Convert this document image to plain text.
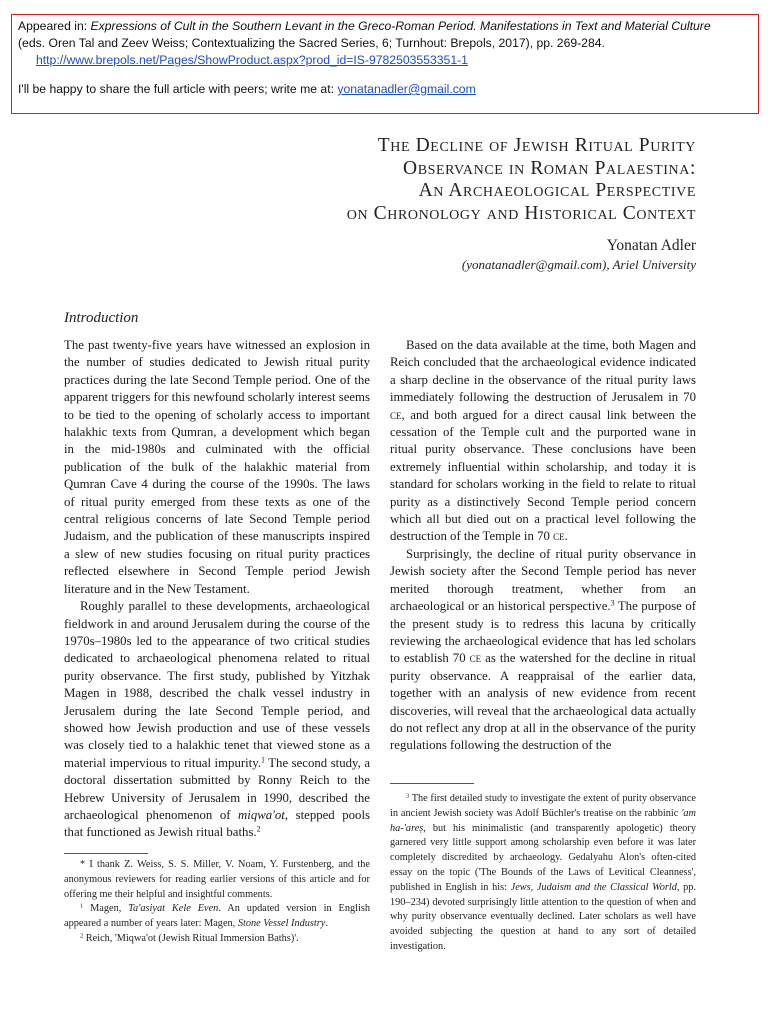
Appeared in: Expressions of Cult in the Southern Levant in the Greco-Roman Period. Manifestations in Text and Material Culture
(eds. Oren Tal and Zeev Weiss; Contextualizing the Sacred Series, 6; Turnhout: Brepols, 2017), pp. 269-284.
http://www.brepols.net/Pages/ShowProduct.aspx?prod_id=IS-9782503553351-1
I'll be happy to share the full article with peers; write me at: yonatanadler@gmail.com
The Decline of Jewish Ritual Purity
Observance in Roman Palaestina:
An Archaeological Perspective
on Chronology and Historical Context
Yonatan Adler
(yonatanadler@gmail.com), Ariel University
Introduction

The past twenty-five years have witnessed an explosion in the number of studies dedicated to Jewish ritual purity practices during the late Second Temple period. One of the apparent triggers for this newfound scholarly interest seems to be tied to the opening of scholarly access to important halakhic texts from Qumran, a development which began in the mid-1980s and culminated with the official publication of the bulk of the halakhic material from Qumran Cave 4 during the course of the 1990s. The laws of ritual purity emerged from these texts as one of the central religious concerns of late Second Temple period Judaism, and the publication of these manuscripts inspired a slew of new studies focusing on ritual purity practices reflected elsewhere in Second Temple period Jewish literature and in the New Testament.

Roughly parallel to these developments, archaeological fieldwork in and around Jerusalem during the course of the 1970s–1980s led to the appearance of two critical studies dedicated to archaeological phenomena related to ritual purity observance. The first study, published by Yitzhak Magen in 1988, described the chalk vessel industry in Jerusalem during the late Second Temple period, and showed how Jewish production and use of these vessels was closely tied to a halakhic tenet that viewed stone as a material impervious to ritual impurity.$^1$ The second study, a doctoral dissertation submitted by Ronny Reich to the Hebrew University of Jerusalem in 1990, described the archaeological phenomenon of miqwa'ot, stepped pools that functioned as Jewish ritual baths.$^2$

Based on the data available at the time, both Magen and Reich concluded that the archaeological evidence indicated a sharp decline in the observance of the ritual purity laws immediately following the destruction of Jerusalem in 70 ce, and both argued for a direct causal link between the cessation of the Temple cult and the purported wane in ritual purity observance. These conclusions have been extremely influential within scholarship, and today it is standard for scholars working in the field to relate to ritual purity as a distinctively Second Temple period concern which all but died out on a practical level following the destruction of the Temple in 70 ce.

Surprisingly, the decline of ritual purity observance in Jewish society after the Second Temple period has never merited thorough treatment, whether from an archaeological or an historical perspective.$^3$ The purpose of the present study is to redress this lacuna by critically reviewing the archaeological evidence that has led scholars to establish 70 ce as the watershed for the decline in ritual purity observance. A reappraisal of the earlier data, together with an analysis of new evidence from recent discoveries, will reveal that the archaeological data actually do not reflect any drop at all in the observance of the purity regulations following the destruction of the

* I thank Z. Weiss, S. S. Miller, V. Noam, Y. Furstenberg, and the anonymous reviewers for reading earlier versions of this article and for offering me their helpful and insightful comments.

$^1$ Magen, Ta'asiyat Kele Even. An updated version in English appeared a number of years later: Magen, Stone Vessel Industry.

$^2$ Reich, 'Miqwa'ot (Jewish Ritual Immersion Baths)'.

$^3$ The first detailed study to investigate the extent of purity observance in ancient Jewish society was Adolf Büchler's treatise on the rabbinic 'am ha-'areṣ, but his minimalistic (and transparently apologetic) theory garnered very little support among scholarship even before it was later completely discredited by archaeology. Gedalyahu Alon's often-cited essay on the topic ('The Bounds of the Laws of Levitical Cleanness', published in English in his: Jews, Judaism and the Classical World, pp. 190–234) devoted surprisingly little attention to the question of when and why purity observance eventually declined. Later scholars as well have avoided subjecting the question at hand to any sort of detailed investigation.
